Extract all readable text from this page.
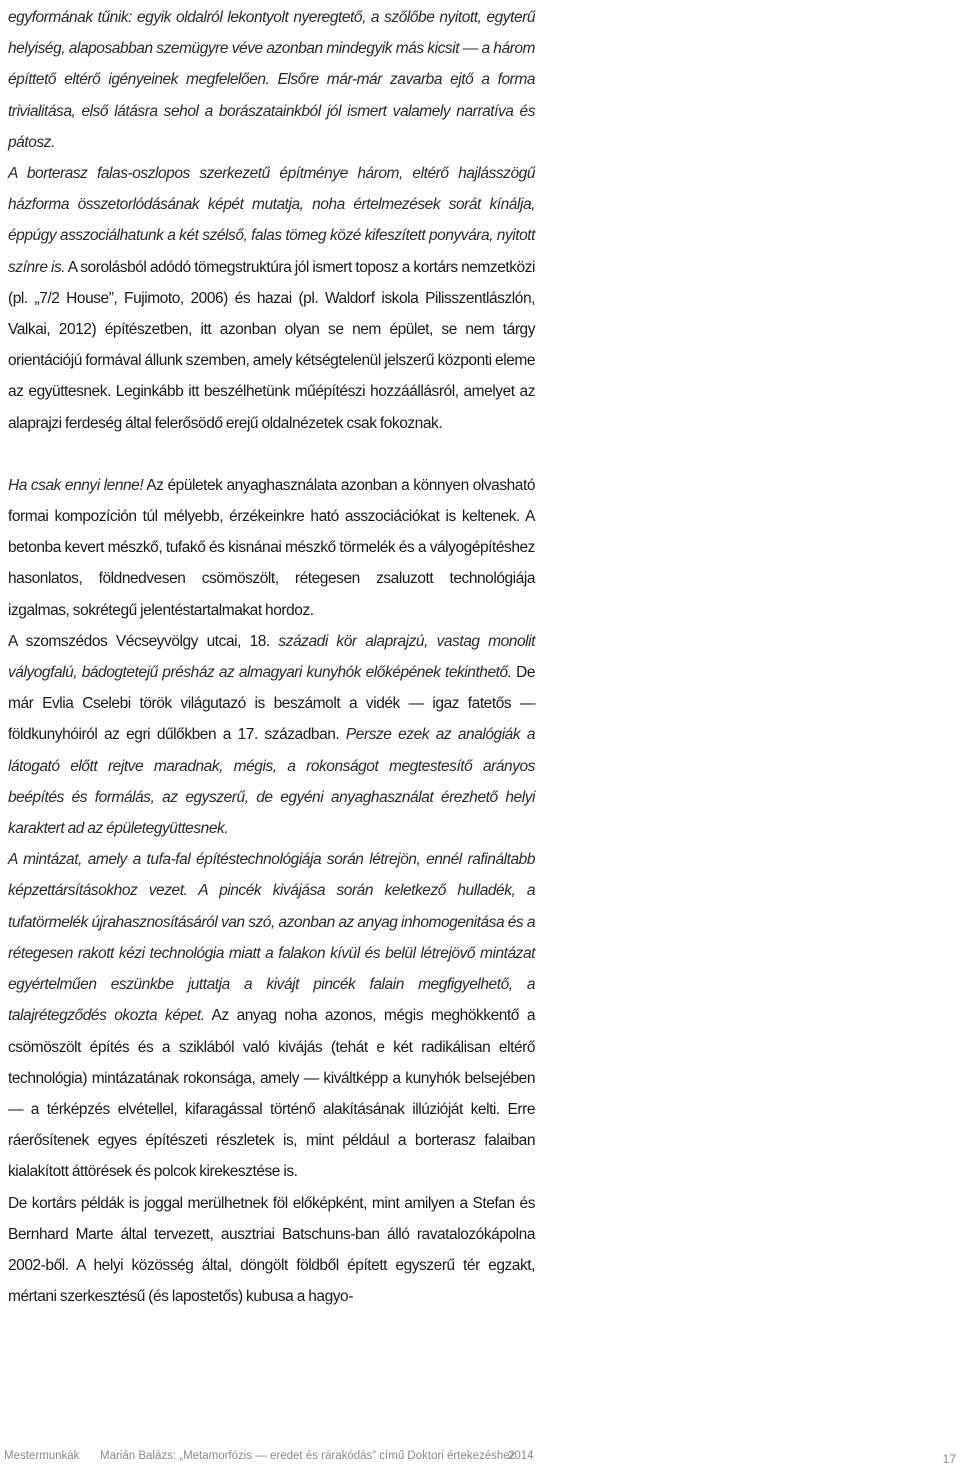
egyformának tűnik: egyik oldalról lekontyolt nyeregtető, a szőlőbe nyitott, egyterű helyiség, alaposabban szemügyre véve azonban mindegyik más kicsit — a három építtető eltérő igényeinek megfelelően. Elsőre már-már zavarba ejtő a forma trivialitása, első látásra sehol a borászatainkból jól ismert valamely narratíva és pátosz.

A borterasz falas-oszlopos szerkezetű építménye három, eltérő hajlásszögű házforma összetorlódásának képét mutatja, noha értelmezések sorát kínálja, éppúgy asszociálhatunk a két szélső, falas tömeg közé kifeszített ponyvára, nyitott színre is. A sorolásból adódó tömegstruktúra jól ismert toposz a kortárs nemzetközi (pl. „7/2 House”, Fujimoto, 2006) és hazai (pl. Waldorf iskola Pilisszentlászlón, Valkai, 2012) építészetben, itt azonban olyan se nem épület, se nem tárgy orientációjú formával állunk szemben, amely kétségtelenül jelszerű központi eleme az együttesnek. Leginkább itt beszélhetünk műépítészi hozzáállásról, amelyet az alaprajzi ferdeség által felerősödő erejű oldalnézetek csak fokoznak.

Ha csak ennyi lenne! Az épületek anyaghasználata azonban a könnyen olvasható formai kompozíción túl mélyebb, érzékeinkre ható asszociációkat is keltenek. A betonba kevert mészkő, tufakő és kisnánai mészkő törmelék és a vályogépítéshez hasonlatos, földnedvesen csömöszölt, rétegesen zsaluzott technológiája izgalmas, sokrétegű jelentéstartalmakat hordoz.

A szomszédos Vécseyvölgy utcai, 18. századi kör alaprajzú, vastag monolit vályogfalú, bádogtetejű présház az almagyari kunyhók előképének tekinthető. De már Evlia Cselebi török világutazó is beszámolt a vidék — igaz fatetős — földkunyhóiról az egri dűlőkben a 17. században. Persze ezek az analógiák a látogató előtt rejtve maradnak, mégis, a rokonságot megtestesítő arányos beépítés és formálás, az egyszerű, de egyéni anyaghasználat érezhető helyi karaktert ad az épületegyüttesnek.

A mintázat, amely a tufa-fal építéstechnológiája során létrejön, ennél rafináltabb képzettársításokhoz vezet. A pincék kivájása során keletkező hulladék, a tufatörmelék újrahasznosításáról van szó, azonban az anyag inhomogenitása és a rétegesen rakott kézi technológia miatt a falakon kívül és belül létrejövő mintázat egyértelműen eszünkbe juttatja a kivájt pincék falain megfigyelhető, a talajrétegződés okozta képet. Az anyag noha azonos, mégis meghökkentő a csömöszölt építés és a sziklából való kivájás (tehát e két radikálisan eltérő technológia) mintázatának rokonsága, amely — kiváltképp a kunyhók belsejében — a térképzés elvétellel, kifaragással történő alakításának illúzióját kelti. Erre ráerősítenek egyes építészeti részletek is, mint például a borterasz falaiban kialakított áttörések és polcok kirekesztése is.

De kortárs példák is joggal merülhetnek föl előképként, mint amilyen a Stefan és Bernhard Marte által tervezett, ausztriai Batschuns-ban álló ravatalozókápolna 2002-ből. A helyi közösség által, döngölt földből épített egyszerű tér egzakt, mértani szerkesztésű (és lapostetős) kubusa a hagyo-

Mestermunkák Marián Balázs: „Metamorfózis — eredet és rárakódás” című Doktori értekezéshez
2014	17
